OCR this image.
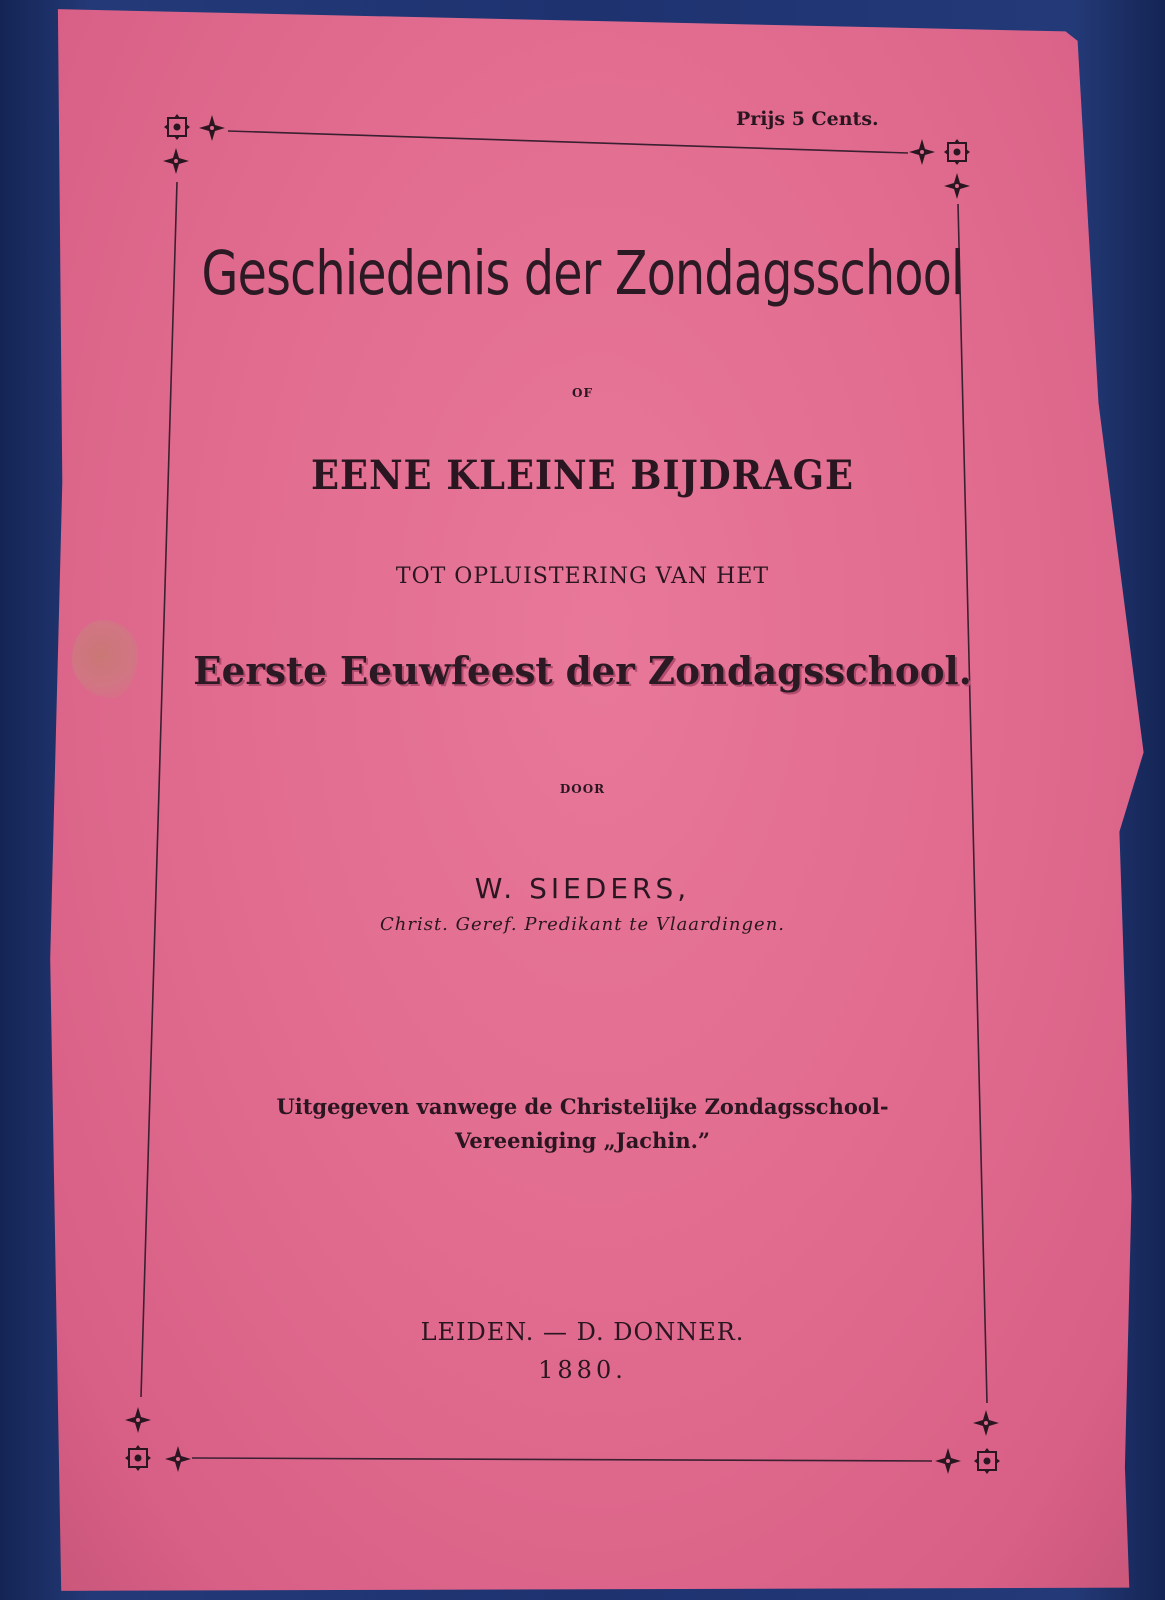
Prijs 5 Cents.
Geschiedenis der Zondagsschool
OF
EENE KLEINE BIJDRAGE
TOT OPLUISTERING VAN HET
Eerste Eeuwfeest der Zondagsschool.
DOOR
W. SIEDERS,
Christ. Geref. Predikant te Vlaardingen.
Uitgegeven vanwege de Christelijke Zondagsschool-
Vereeniging „Jachin.”
LEIDEN. — D. DONNER.
1880.
